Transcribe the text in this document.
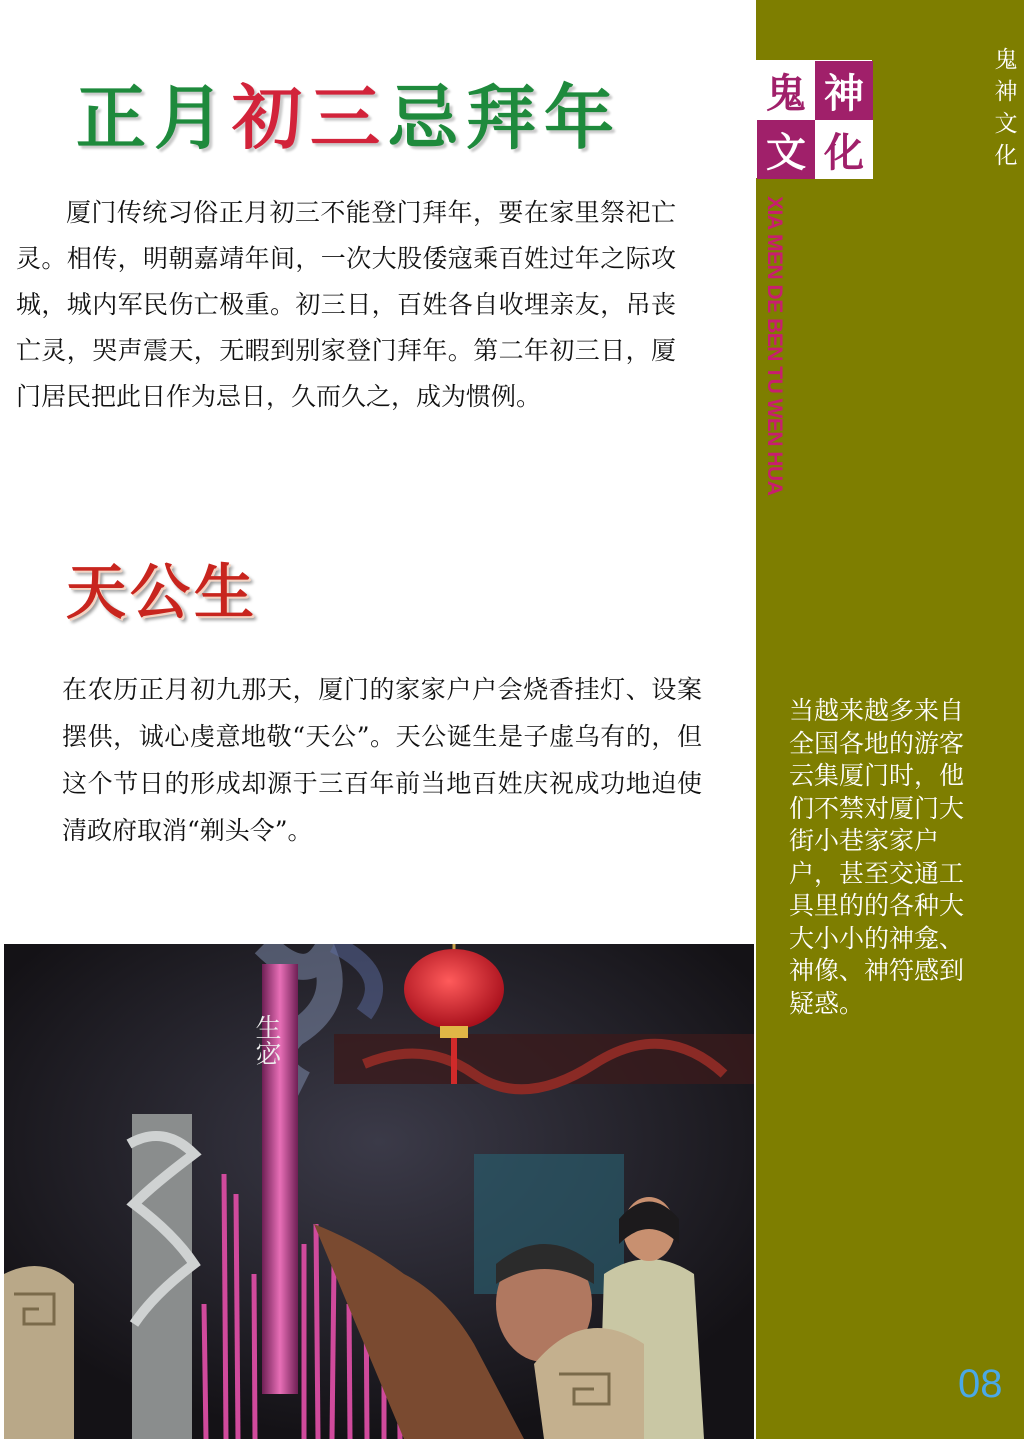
正月初三忌拜年

厦门传统习俗正月初三不能登门拜年，要在家里祭祀亡灵。相传，明朝嘉靖年间，一次大股倭寇乘百姓过年之际攻城，城内军民伤亡极重。初三日，百姓各自收埋亲友，吊丧亡灵，哭声震天，无暇到别家登门拜年。第二年初三日，厦门居民把此日作为忌日，久而久之，成为惯例。

天公生

在农历正月初九那天，厦门的家家户户会烧香挂灯、设案摆供，诚心虔意地敬“天公”。天公诞生是子虚乌有的，但这个节日的形成却源于三百年前当地百姓庆祝成功地迫使清政府取消“剃头令”。

生宓
鬼 神
文 化
XIA MEN DE BEN TU WEN HUA
鬼
神
文
化
当越来越多来自全国各地的游客云集厦门时，他们不禁对厦门大街小巷家家户户，甚至交通工具里的的各种大大小小的神龛、神像、神符感到疑惑。
08
